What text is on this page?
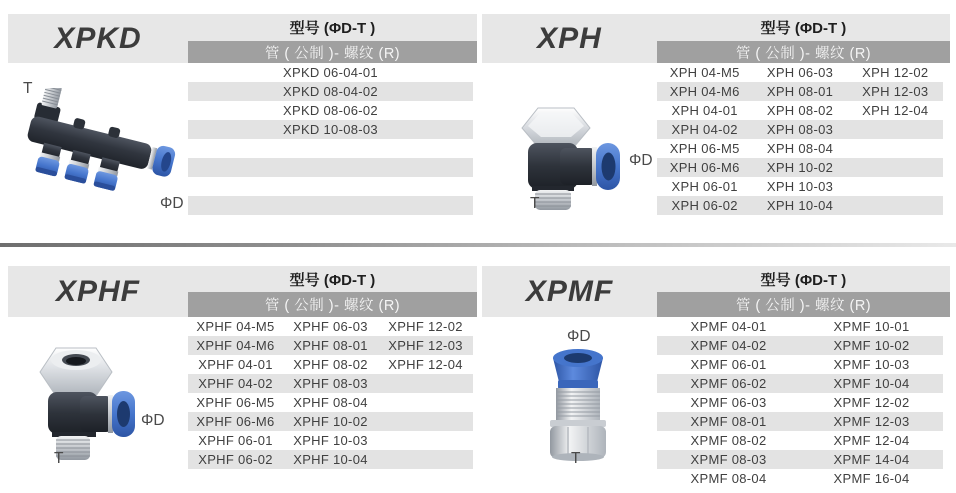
XPKD	型号 (ΦD-T )
管 ( 公制 )- 螺纹 (R)
XPKD 06-04-01
XPKD 08-04-02
XPKD 08-06-02
XPKD 10-08-03
T
ΦD
XPH	型号 (ΦD-T )
管 ( 公制 )- 螺纹 (R)
XPH 04-M5	XPH 06-03	XPH 12-02
XPH 04-M6	XPH 08-01	XPH 12-03
XPH 04-01	XPH 08-02	XPH 12-04
XPH 04-02	XPH 08-03
XPH 06-M5	XPH 08-04
XPH 06-M6	XPH 10-02
XPH 06-01	XPH 10-03
XPH 06-02	XPH 10-04
ΦD
T
XPHF	型号 (ΦD-T )
管 ( 公制 )- 螺纹 (R)
XPHF 04-M5	XPHF 06-03	XPHF 12-02
XPHF 04-M6	XPHF 08-01	XPHF 12-03
XPHF 04-01	XPHF 08-02	XPHF 12-04
XPHF 04-02	XPHF 08-03
XPHF 06-M5	XPHF 08-04
XPHF 06-M6	XPHF 10-02
XPHF 06-01	XPHF 10-03
XPHF 06-02	XPHF 10-04
ΦD
T
XPMF	型号 (ΦD-T )
管 ( 公制 )- 螺纹 (R)
XPMF 04-01	XPMF 10-01
XPMF 04-02	XPMF 10-02
XPMF 06-01	XPMF 10-03
XPMF 06-02	XPMF 10-04
XPMF 06-03	XPMF 12-02
XPMF 08-01	XPMF 12-03
XPMF 08-02	XPMF 12-04
XPMF 08-03	XPMF 14-04
XPMF 08-04	XPMF 16-04
ΦD
T
